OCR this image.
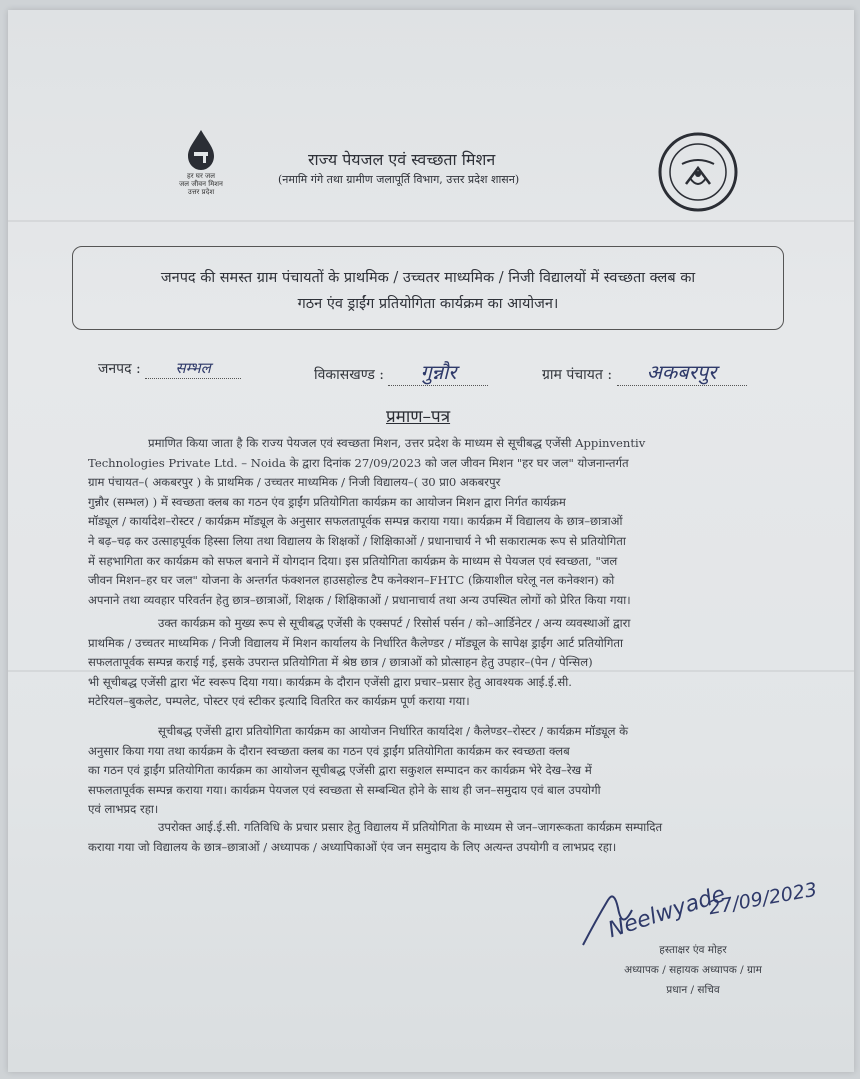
हर घर जल
जल जीवन मिशन
उत्तर प्रदेश
राज्य पेयजल एवं स्वच्छता मिशन
(नमामि गंगे तथा ग्रामीण जलापूर्ति विभाग, उत्तर प्रदेश शासन)
जनपद की समस्त ग्राम पंचायतों के प्राथमिक / उच्चतर माध्यमिक / निजी विद्यालयों में स्वच्छता क्लब का
गठन एंव ड्राईंग प्रतियोगिता कार्यक्रम का आयोजन।
जनपद : सम्भल	विकासखण्ड : गुन्नौर	ग्राम पंचायत : अकबरपुर
प्रमाण–पत्र
प्रमाणित किया जाता है कि राज्य पेयजल एवं स्वच्छता मिशन, उत्तर प्रदेश के माध्यम से सूचीबद्ध एजेंसी Appinventiv
Technologies Private Ltd. – Noida के द्वारा दिनांक 27/09/2023 को जल जीवन मिशन "हर घर जल" योजनान्तर्गत
ग्राम पंचायत–( अकबरपुर ) के प्राथमिक / उच्चतर माध्यमिक / निजी विद्यालय–( उ0 प्रा0 अकबरपुर
गुन्नौर (सम्भल) ) में स्वच्छता क्लब का गठन एंव ड्राईंग प्रतियोगिता कार्यक्रम का आयोजन मिशन द्वारा निर्गत कार्यक्रम
मॉड्यूल / कार्यादेश–रोस्टर / कार्यक्रम मॉड्यूल के अनुसार सफलतापूर्वक सम्पन्न कराया गया। कार्यक्रम में विद्यालय के छात्र–छात्राओं
ने बढ़–चढ़ कर उत्साहपूर्वक हिस्सा लिया तथा विद्यालय के शिक्षकों / शिक्षिकाओं / प्रधानाचार्य ने भी सकारात्मक रूप से प्रतियोगिता
में सहभागिता कर कार्यक्रम को सफल बनाने में योगदान दिया। इस प्रतियोगिता कार्यक्रम के माध्यम से पेयजल एवं स्वच्छता, "जल
जीवन मिशन–हर घर जल" योजना के अन्तर्गत फंक्शनल हाउसहोल्ड टैप कनेक्शन–FHTC (क्रियाशील घरेलू नल कनेक्शन) को
अपनाने तथा व्यवहार परिवर्तन हेतु छात्र–छात्राओं, शिक्षक / शिक्षिकाओं / प्रधानाचार्य तथा अन्य उपस्थित लोगों को प्रेरित किया गया।
उक्त कार्यक्रम को मुख्य रूप से सूचीबद्ध एजेंसी के एक्सपर्ट / रिसोर्स पर्सन / को–आर्डिनेटर / अन्य व्यवस्थाओं द्वारा
प्राथमिक / उच्चतर माध्यमिक / निजी विद्यालय में मिशन कार्यालय के निर्धारित कैलेण्डर / मॉड्यूल के सापेक्ष ड्राईंग आर्ट प्रतियोगिता
सफलतापूर्वक सम्पन्न कराई गई, इसके उपरान्त प्रतियोगिता में श्रेष्ठ छात्र / छात्राओं को प्रोत्साहन हेतु उपहार–(पेन / पेन्सिल)
भी सूचीबद्ध एजेंसी द्वारा भेंट स्वरूप दिया गया। कार्यक्रम के दौरान एजेंसी द्वारा प्रचार–प्रसार हेतु आवश्यक आई.ई.सी.
मटेरियल–बुकलेट, पम्पलेट, पोस्टर एवं स्टीकर इत्यादि वितरित कर कार्यक्रम पूर्ण कराया गया।
सूचीबद्ध एजेंसी द्वारा प्रतियोगिता कार्यक्रम का आयोजन निर्धारित कार्यादेश / कैलेण्डर–रोस्टर / कार्यक्रम मॉड्यूल के
अनुसार किया गया तथा कार्यक्रम के दौरान स्वच्छता क्लब का गठन एवं ड्राईंग प्रतियोगिता कार्यक्रम कर स्वच्छता क्लब
का गठन एवं ड्राईंग प्रतियोगिता कार्यक्रम का आयोजन सूचीबद्ध एजेंसी द्वारा सकुशल सम्पादन कर कार्यक्रम भेरे देख–रेख में
सफलतापूर्वक सम्पन्न कराया गया। कार्यक्रम पेयजल एवं स्वच्छता से सम्बन्धित होने के साथ ही जन–समुदाय एवं बाल उपयोगी
एवं लाभप्रद रहा।
उपरोक्त आई.ई.सी. गतिविधि के प्रचार प्रसार हेतु विद्यालय में प्रतियोगिता के माध्यम से जन–जागरूकता कार्यक्रम सम्पादित
कराया गया जो विद्यालय के छात्र–छात्राओं / अध्यापक / अध्यापिकाओं एंव जन समुदाय के लिए अत्यन्त उपयोगी व लाभप्रद रहा।
Neelwyade
27/09/2023
हस्ताक्षर एंव मोहर
अध्यापक / सहायक अध्यापक / ग्राम
प्रधान / सचिव
